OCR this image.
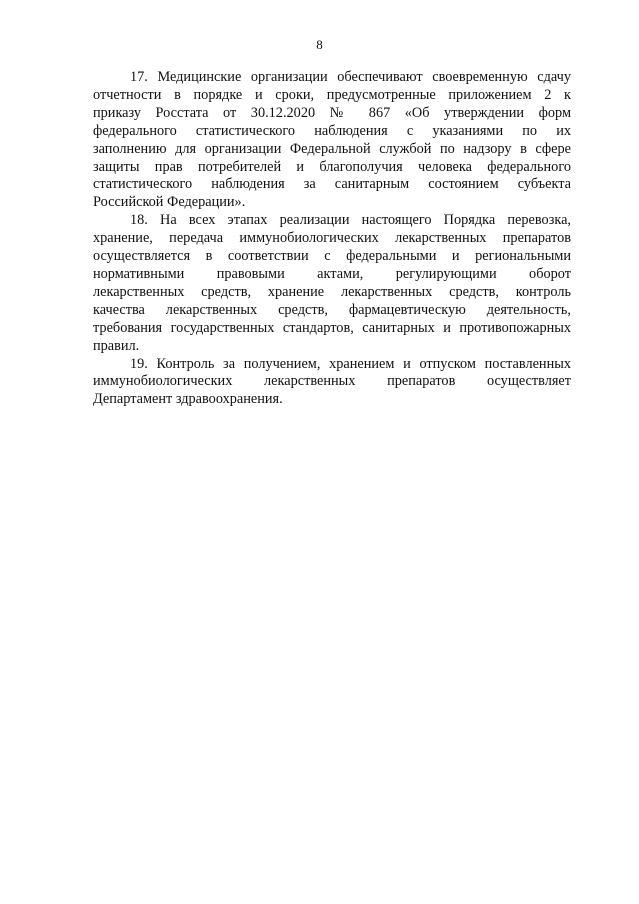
8

17. Медицинские организации обеспечивают своевременную сдачу
отчетности в порядке и сроки, предусмотренные приложением 2 к
приказу Росстата от 30.12.2020 № 867 «Об утверждении форм
федерального статистического наблюдения с указаниями по их
заполнению для организации Федеральной службой по надзору в сфере
защиты прав потребителей и благополучия человека федерального
статистического наблюдения за санитарным состоянием субъекта
Российской Федерации».

18. На всех этапах реализации настоящего Порядка перевозка,
хранение, передача иммунобиологических лекарственных препаратов
осуществляется в соответствии с федеральными и региональными
нормативными правовыми актами, регулирующими оборот
лекарственных средств, хранение лекарственных средств, контроль
качества лекарственных средств, фармацевтическую деятельность,
требования государственных стандартов, санитарных и противопожарных
правил.

19. Контроль за получением, хранением и отпуском поставленных
иммунобиологических лекарственных препаратов осуществляет
Департамент здравоохранения.
